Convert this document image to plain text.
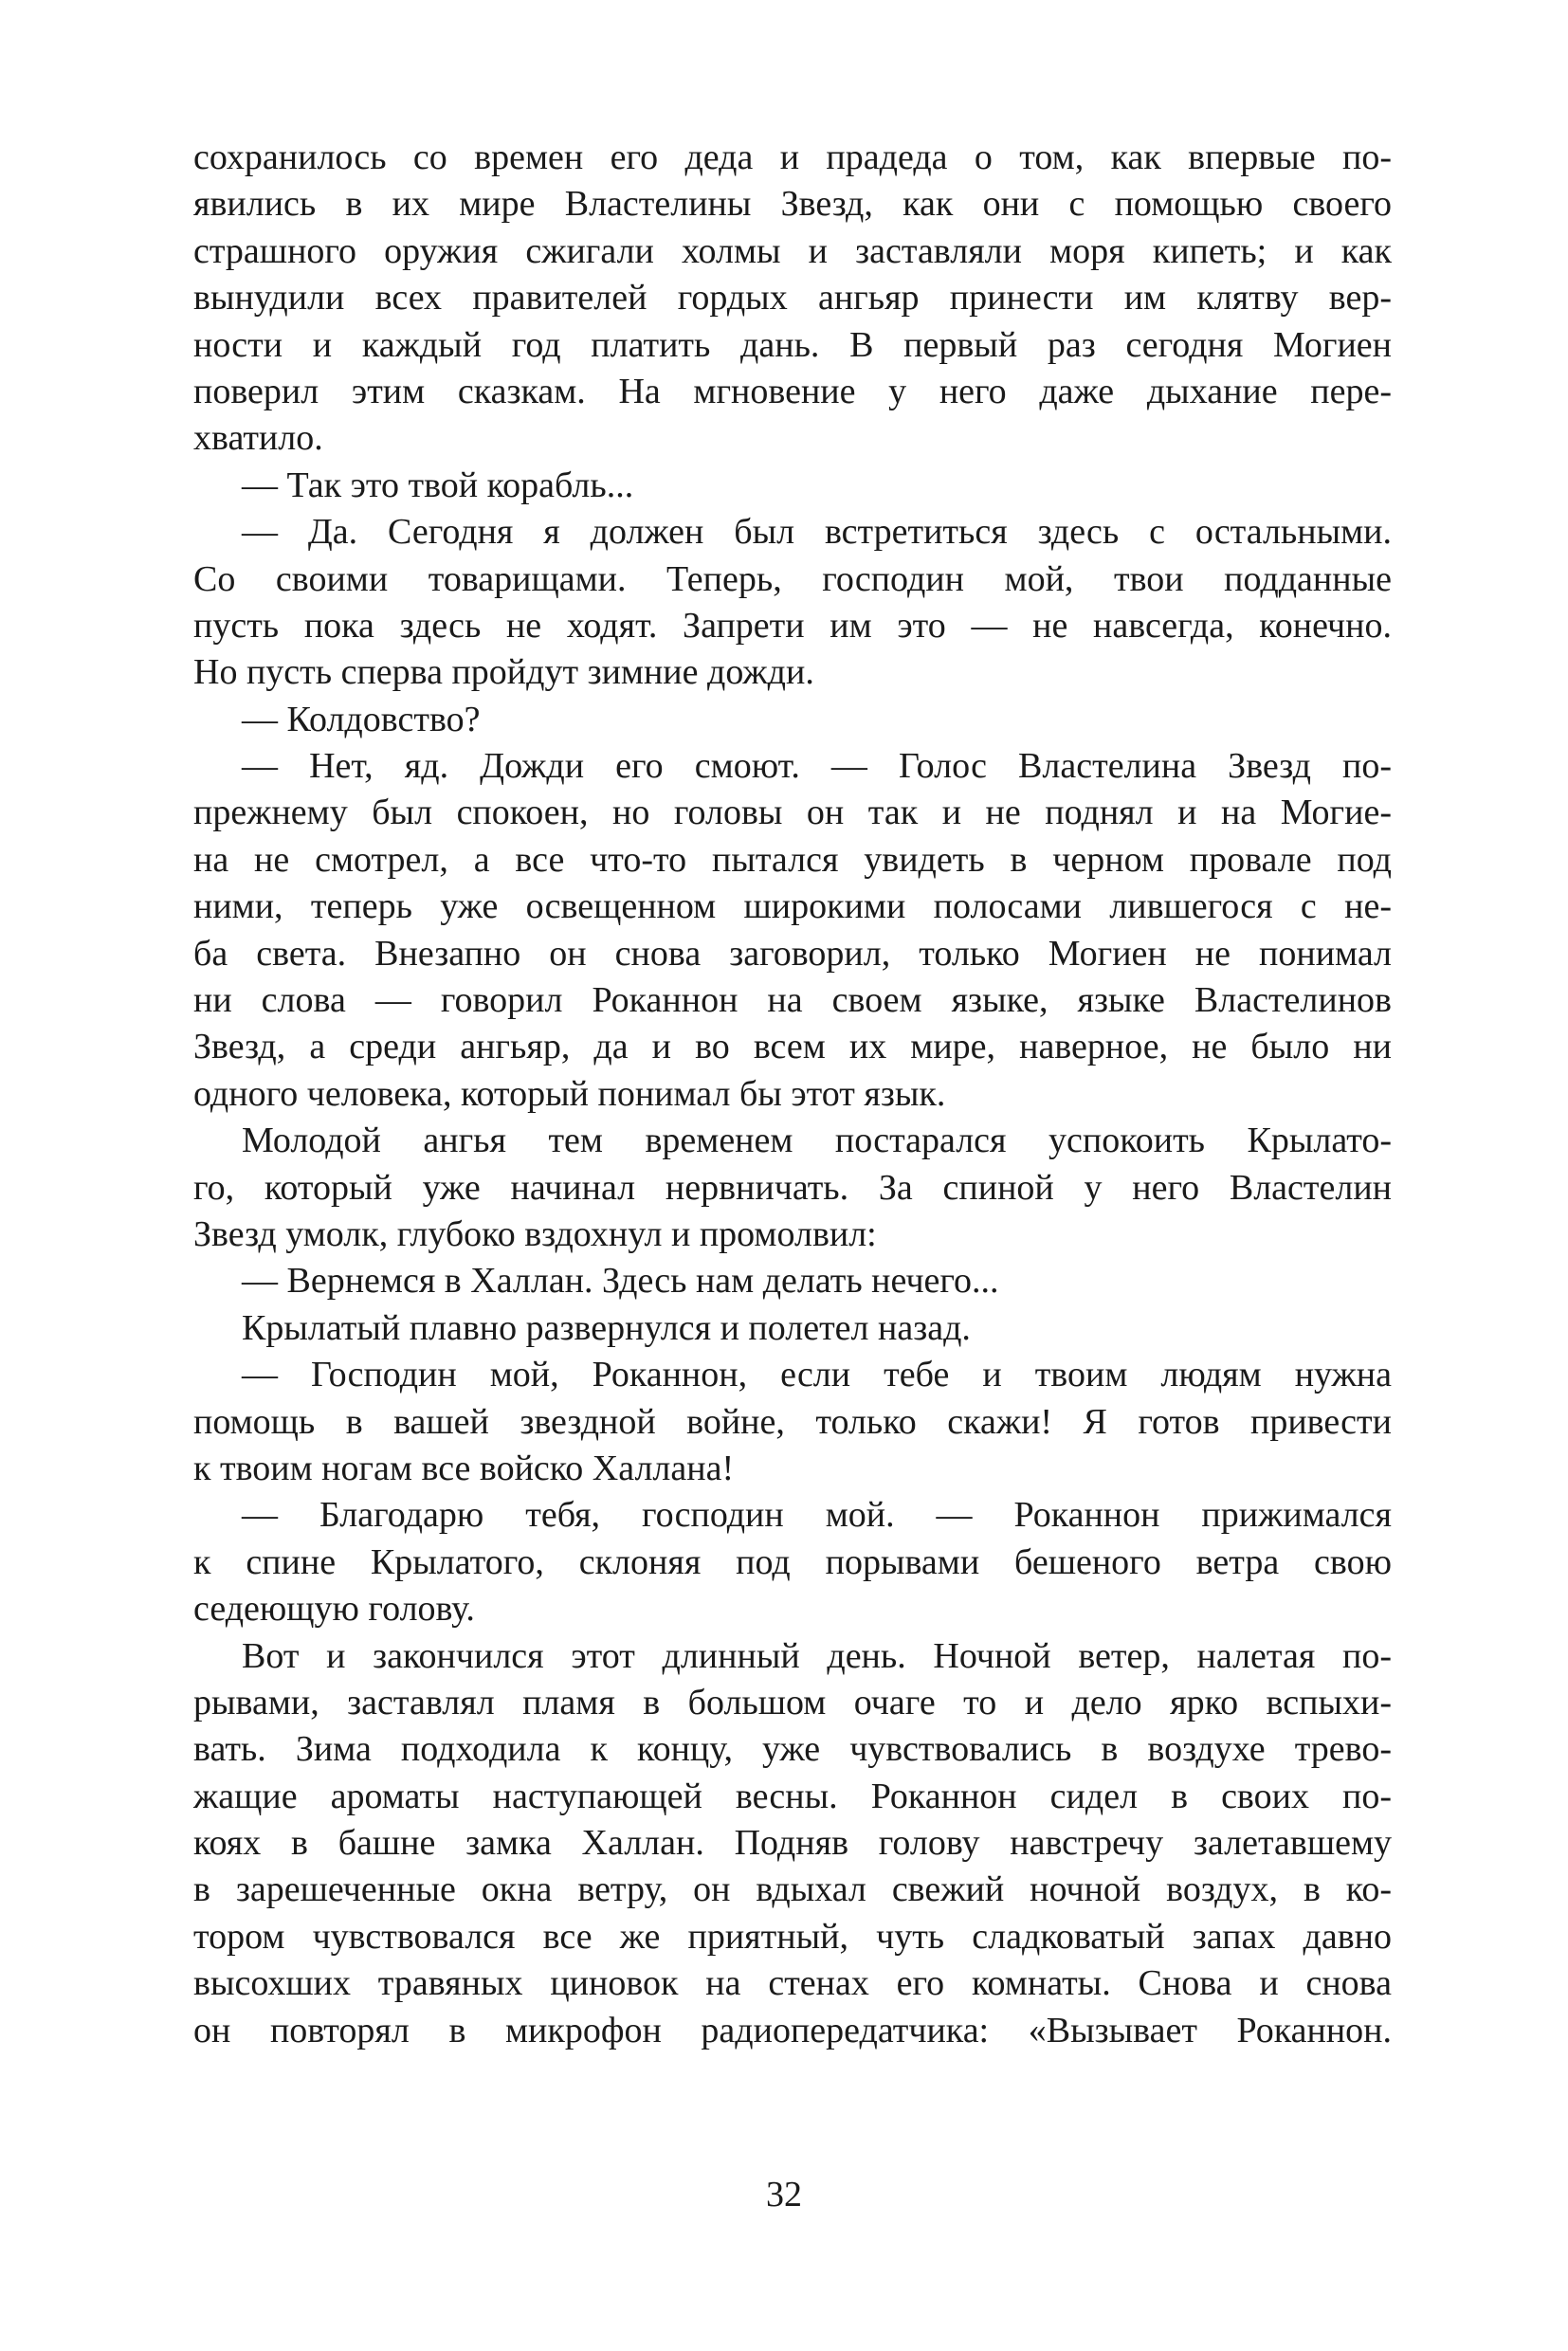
сохранилось со времен его деда и прадеда о том, как впервые по-
явились в их мире Властелины Звезд, как они с помощью своего
страшного оружия сжигали холмы и заставляли моря кипеть; и как
вынудили всех правителей гордых ангьяр принести им клятву вер-
ности и каждый год платить дань. В первый раз сегодня Могиен
поверил этим сказкам. На мгновение у него даже дыхание пере-
хватило.
— Так это твой корабль...
— Да. Сегодня я должен был встретиться здесь с остальными.
Со своими товарищами. Теперь, господин мой, твои подданные
пусть пока здесь не ходят. Запрети им это — не навсегда, конечно.
Но пусть сперва пройдут зимние дожди.
— Колдовство?
— Нет, яд. Дожди его смоют. — Голос Властелина Звезд по-
прежнему был спокоен, но головы он так и не поднял и на Могие-
на не смотрел, а все что-то пытался увидеть в черном провале под
ними, теперь уже освещенном широкими полосами лившегося с не-
ба света. Внезапно он снова заговорил, только Могиен не понимал
ни слова — говорил Роканнон на своем языке, языке Властелинов
Звезд, а среди ангьяр, да и во всем их мире, наверное, не было ни
одного человека, который понимал бы этот язык.
Молодой ангья тем временем постарался успокоить Крылато-
го, который уже начинал нервничать. За спиной у него Властелин
Звезд умолк, глубоко вздохнул и промолвил:
— Вернемся в Халлан. Здесь нам делать нечего...
Крылатый плавно развернулся и полетел назад.
— Господин мой, Роканнон, если тебе и твоим людям нужна
помощь в вашей звездной войне, только скажи! Я готов привести
к твоим ногам все войско Халлана!
— Благодарю тебя, господин мой. — Роканнон прижимался
к спине Крылатого, склоняя под порывами бешеного ветра свою
седеющую голову.
Вот и закончился этот длинный день. Ночной ветер, налетая по-
рывами, заставлял пламя в большом очаге то и дело ярко вспыхи-
вать. Зима подходила к концу, уже чувствовались в воздухе трево-
жащие ароматы наступающей весны. Роканнон сидел в своих по-
коях в башне замка Халлан. Подняв голову навстречу залетавшему
в зарешеченные окна ветру, он вдыхал свежий ночной воздух, в ко-
тором чувствовался все же приятный, чуть сладковатый запах давно
высохших травяных циновок на стенах его комнаты. Снова и снова
он повторял в микрофон радиопередатчика: «Вызывает Роканнон.
32
